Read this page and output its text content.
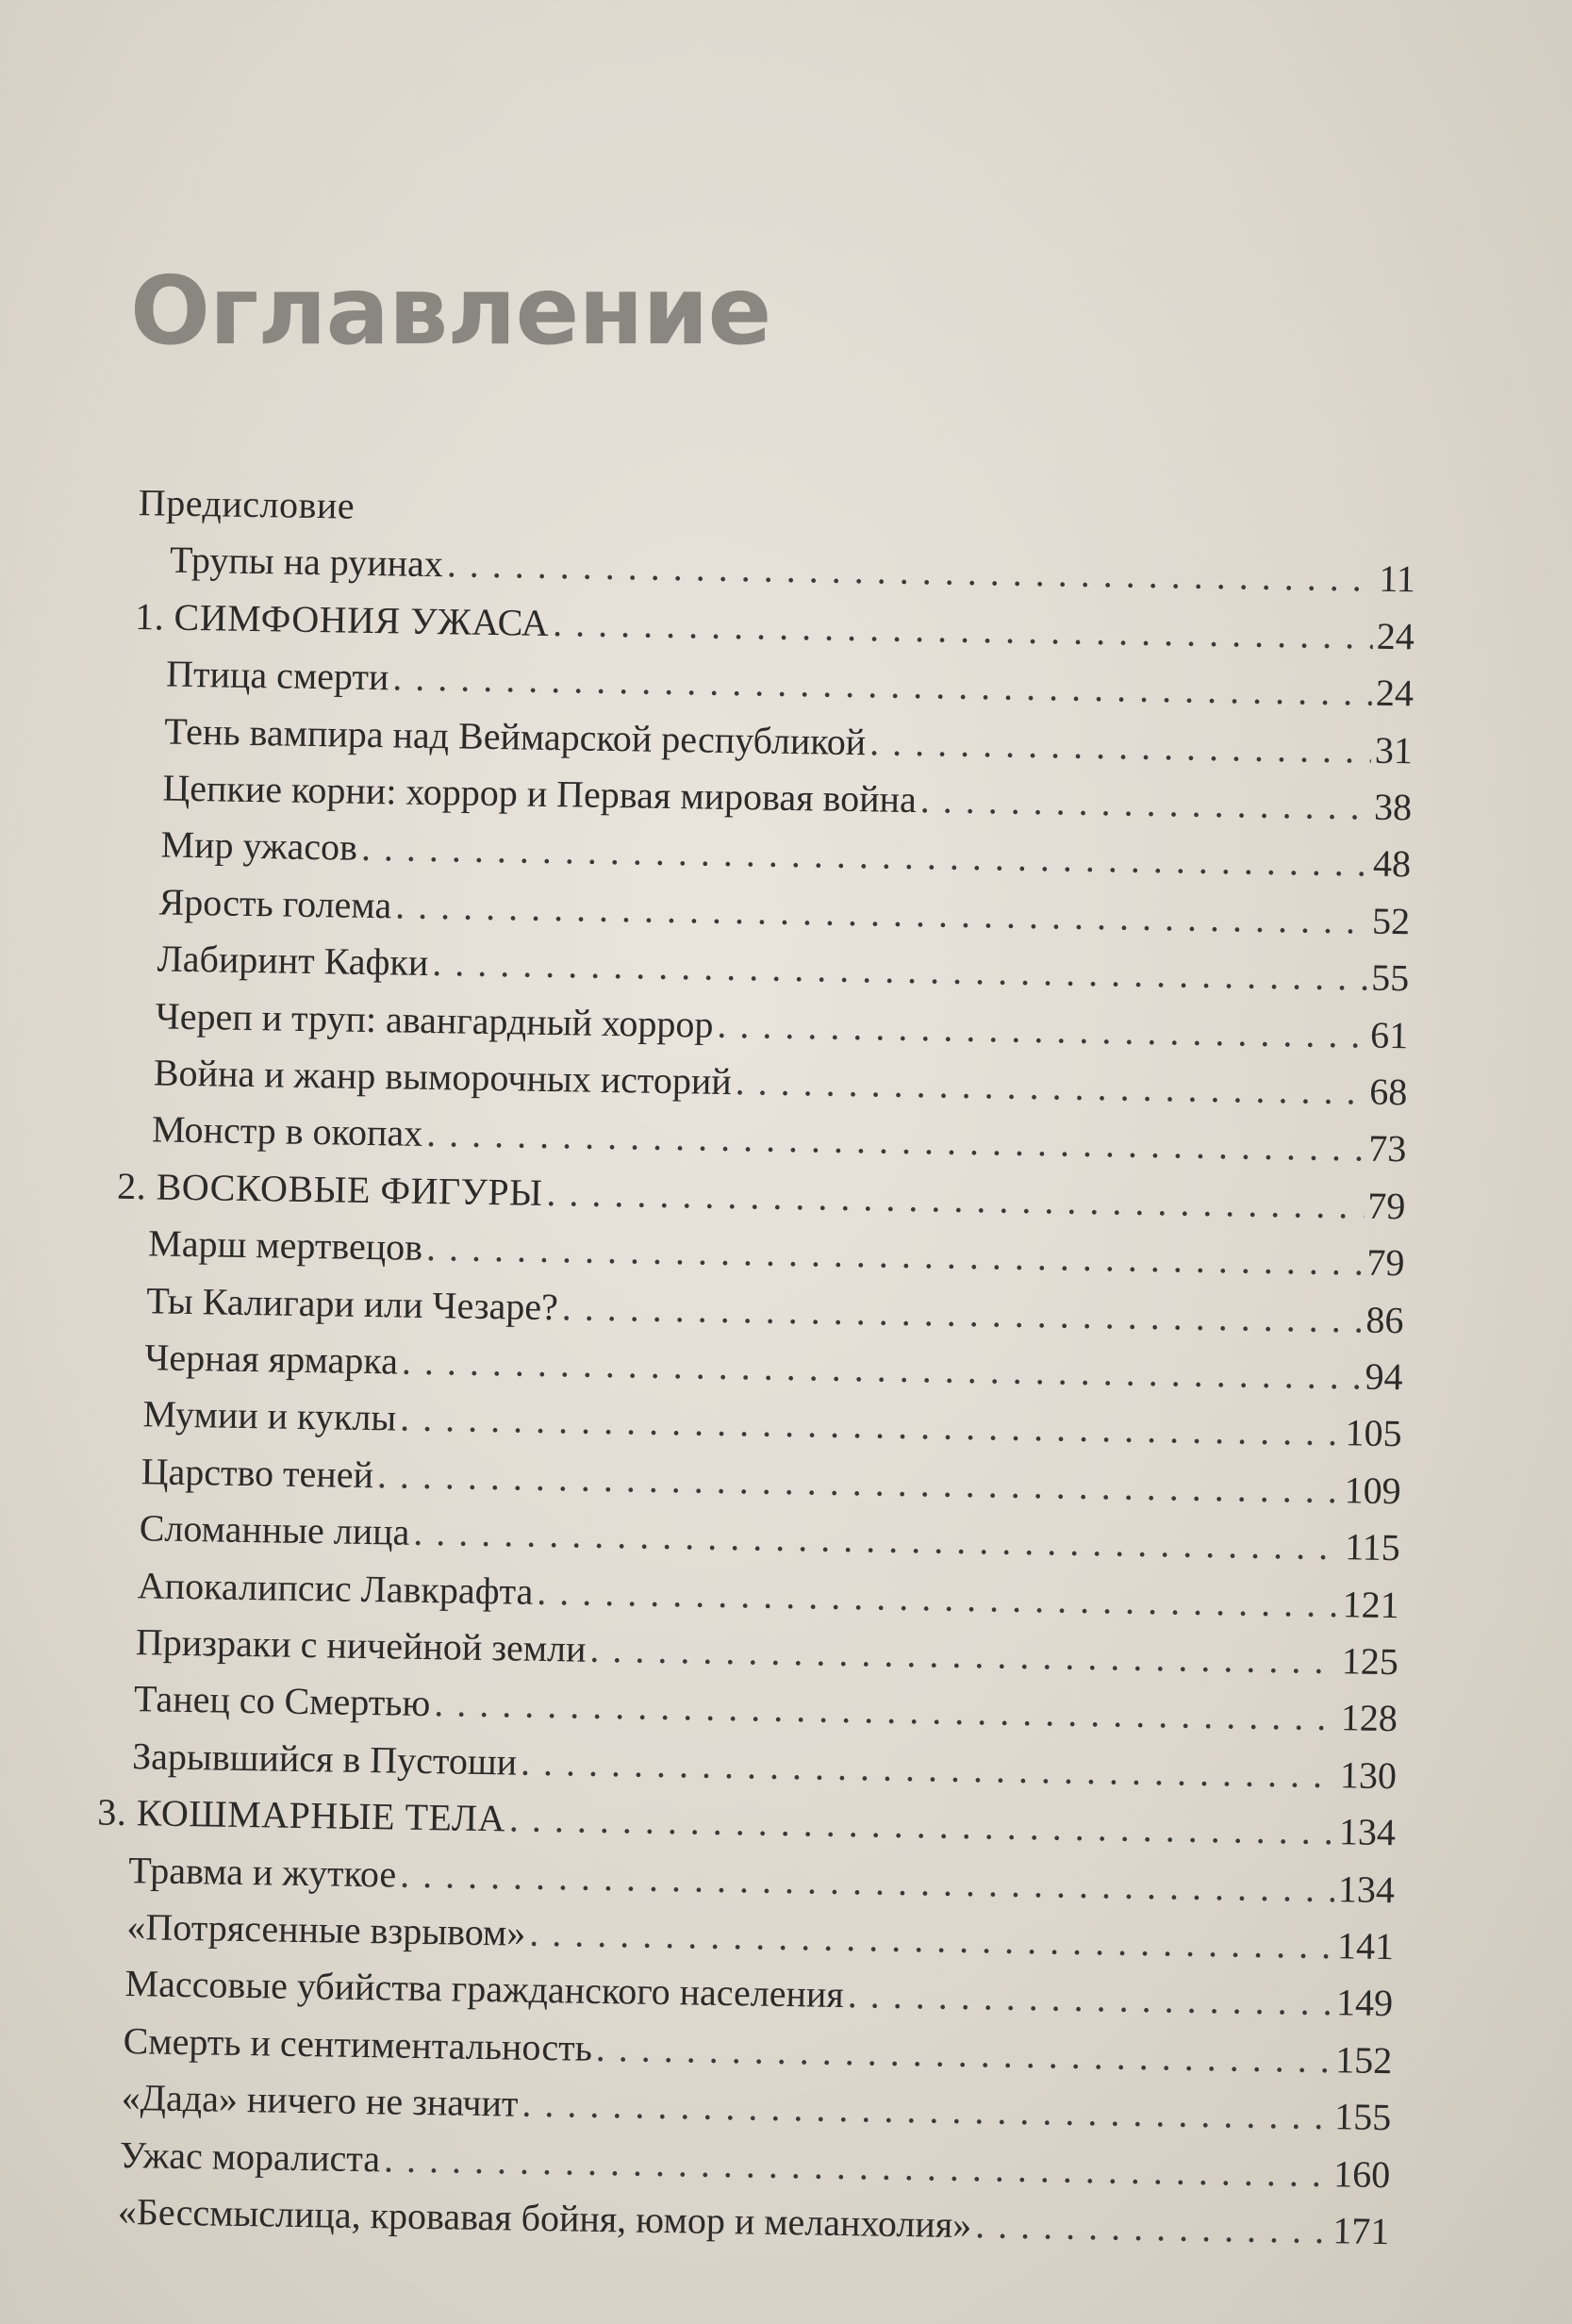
Оглавление
Предисловие
Трупы на руинах . . .	11
1. СИМФОНИЯ УЖАСА . . .	24
Птица смерти . . .	24
Тень вампира над Веймарской республикой . . .	31
Цепкие корни: хоррор и Первая мировая война . . .	38
Мир ужасов . . .	48
Ярость голема . . .	52
Лабиринт Кафки . . .	55
Череп и труп: авангардный хоррор . . .	61
Война и жанр выморочных историй . . .	68
Монстр в окопах . . .	73
2. ВОСКОВЫЕ ФИГУРЫ . . .	79
Марш мертвецов . . .	79
Ты Калигари или Чезаре? . . .	86
Черная ярмарка . . .	94
Мумии и куклы . . .	105
Царство теней . . .	109
Сломанные лица . . .	115
Апокалипсис Лавкрафта . . .	121
Призраки с ничейной земли . . .	125
Танец со Смертью . . .	128
Зарывшийся в Пустоши . . .	130
3. КОШМАРНЫЕ ТЕЛА . . .	134
Травма и жуткое . . .	134
«Потрясенные взрывом» . . .	141
Массовые убийства гражданского населения . . .	149
Смерть и сентиментальность . . .	152
«Дада» ничего не значит . . .	155
Ужас моралиста . . .	160
«Бессмыслица, кровавая бойня, юмор и меланхолия» . . .	171
